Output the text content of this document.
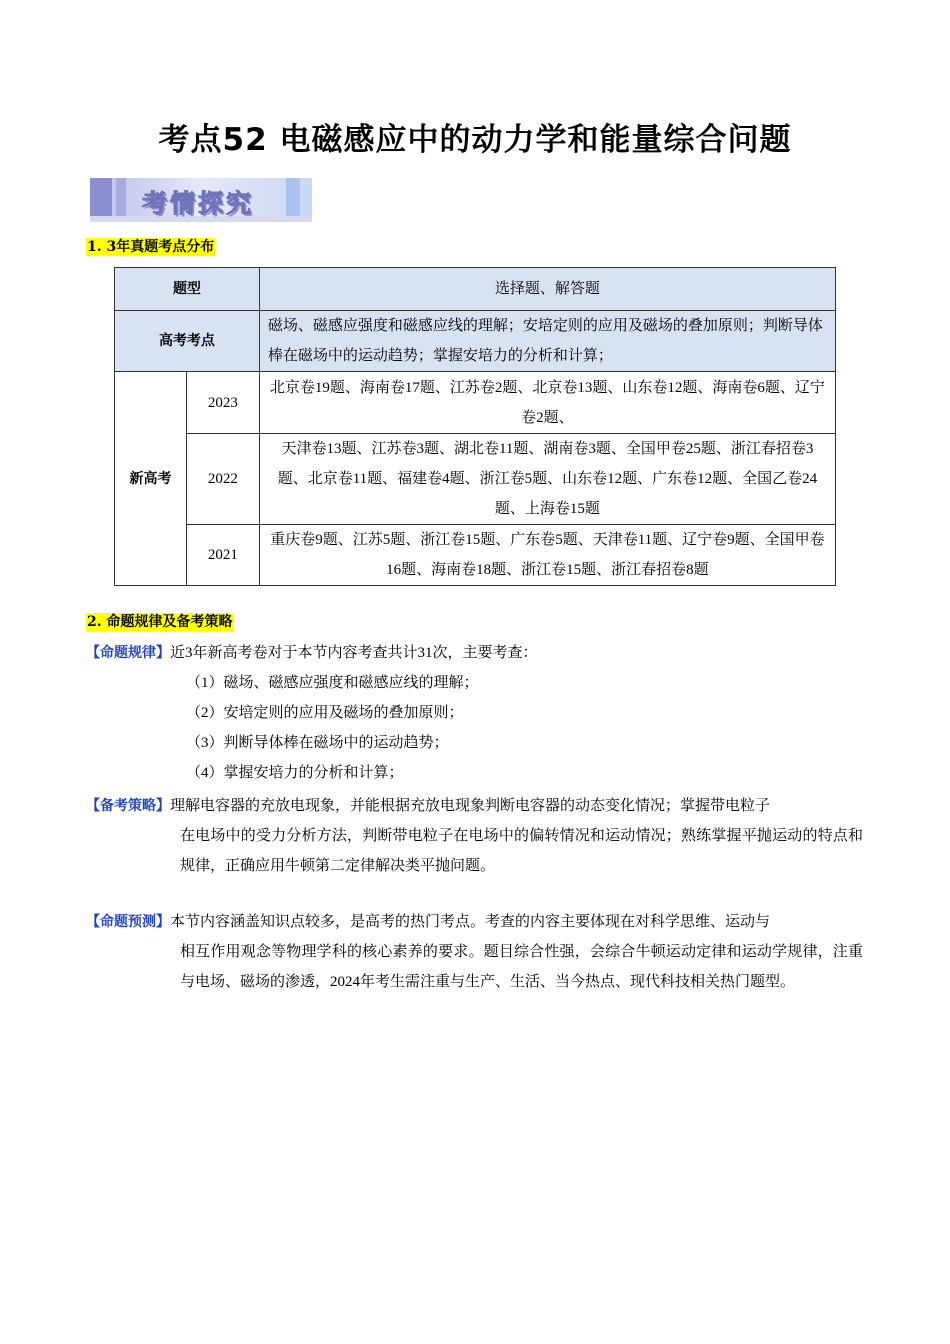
考点52 电磁感应中的动力学和能量综合问题
考情探究
1. 3年真题考点分布
题型		选择题、解答题
高考考点		磁场、磁感应强度和磁感应线的理解；安培定则的应用及磁场的叠加原则；判断导体棒在磁场中的运动趋势；掌握安培力的分析和计算；
新高考	2023	北京卷19题、海南卷17题、江苏卷2题、北京卷13题、山东卷12题、海南卷6题、辽宁卷2题、
	2022	天津卷13题、江苏卷3题、湖北卷11题、湖南卷3题、全国甲卷25题、浙江春招卷3题、北京卷11题、福建卷4题、浙江卷5题、山东卷12题、广东卷12题、全国乙卷24题、上海卷15题
	2021	重庆卷9题、江苏5题、浙江卷15题、广东卷5题、天津卷11题、辽宁卷9题、全国甲卷16题、海南卷18题、浙江卷15题、浙江春招卷8题
2. 命题规律及备考策略
【命题规律】近3年新高考卷对于本节内容考查共计31次，主要考查：
（1）磁场、磁感应强度和磁感应线的理解；
（2）安培定则的应用及磁场的叠加原则；
（3）判断导体棒在磁场中的运动趋势；
（4）掌握安培力的分析和计算；
【备考策略】理解电容器的充放电现象，并能根据充放电现象判断电容器的动态变化情况；掌握带电粒子
在电场中的受力分析方法，判断带电粒子在电场中的偏转情况和运动情况；熟练掌握平抛运动的特点和规律，正确应用牛顿第二定律解决类平抛问题。
【命题预测】本节内容涵盖知识点较多，是高考的热门考点。考查的内容主要体现在对科学思维、运动与
相互作用观念等物理学科的核心素养的要求。题目综合性强，会综合牛顿运动定律和运动学规律，注重与电场、磁场的渗透，2024年考生需注重与生产、生活、当今热点、现代科技相关热门题型。
